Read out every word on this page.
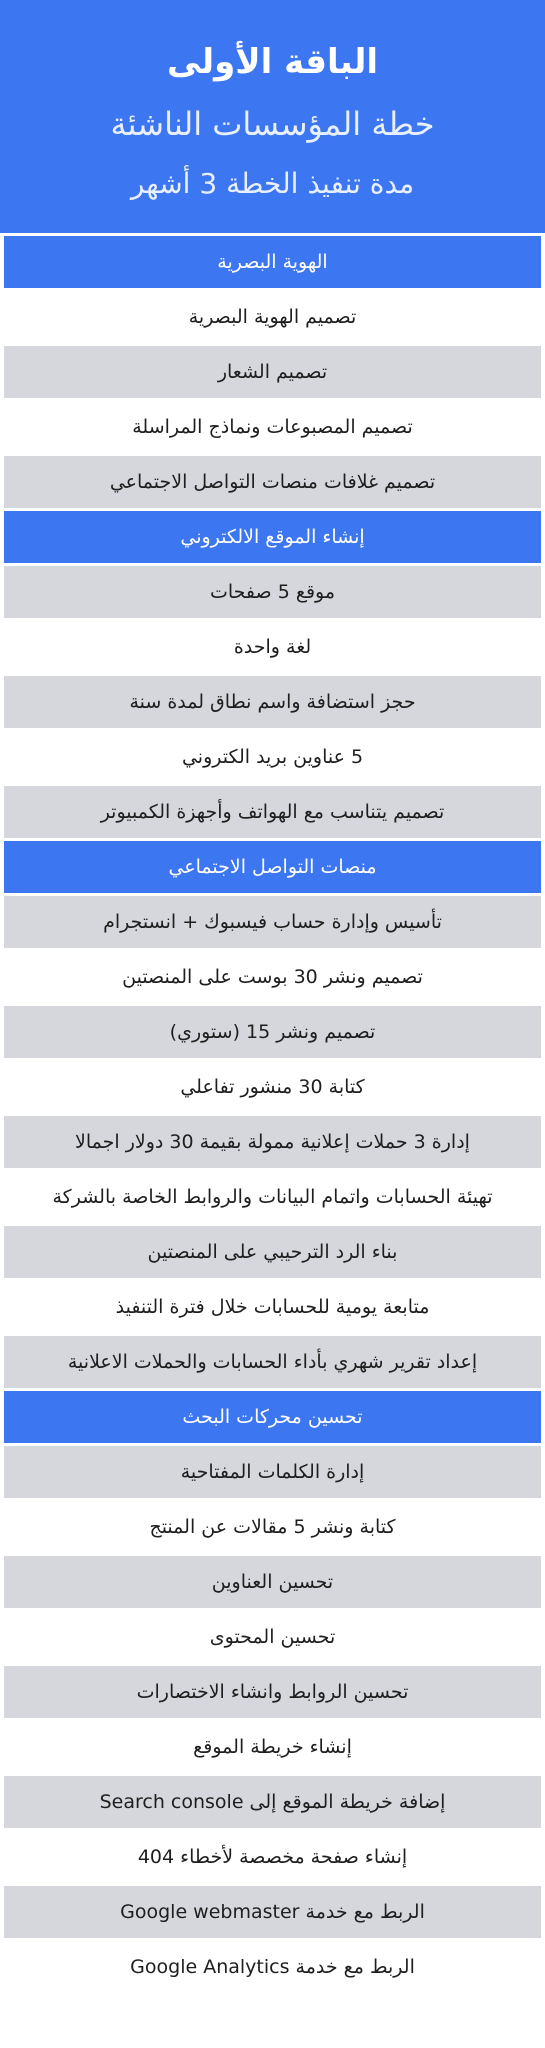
الباقة الأولى
خطة المؤسسات الناشئة
مدة تنفيذ الخطة 3 أشهر
الهوية البصرية
تصميم الهوية البصرية
تصميم الشعار
تصميم المصبوعات ونماذج المراسلة
تصميم غلافات منصات التواصل الاجتماعي
إنشاء الموقع الالكتروني
موقع 5 صفحات
لغة واحدة
حجز استضافة واسم نطاق لمدة سنة
5 عناوين بريد الكتروني
تصميم يتناسب مع الهواتف وأجهزة الكمبيوتر
منصات التواصل الاجتماعي
تأسيس وإدارة حساب فيسبوك + انستجرام
تصميم ونشر 30 بوست على المنصتين
تصميم ونشر 15 (ستوري)
كتابة 30 منشور تفاعلي
إدارة 3 حملات إعلانية ممولة بقيمة 30 دولار اجمالا
تهيئة الحسابات واتمام البيانات والروابط الخاصة بالشركة
بناء الرد الترحيبي على المنصتين
متابعة يومية للحسابات خلال فترة التنفيذ
إعداد تقرير شهري بأداء الحسابات والحملات الاعلانية
تحسين محركات البحث
إدارة الكلمات المفتاحية
كتابة ونشر 5 مقالات عن المنتج
تحسين العناوين
تحسين المحتوى
تحسين الروابط وانشاء الاختصارات
إنشاء خريطة الموقع
إضافة خريطة الموقع إلى Search console
إنشاء صفحة مخصصة لأخطاء 404
الربط مع خدمة Google webmaster
الربط مع خدمة Google Analytics
